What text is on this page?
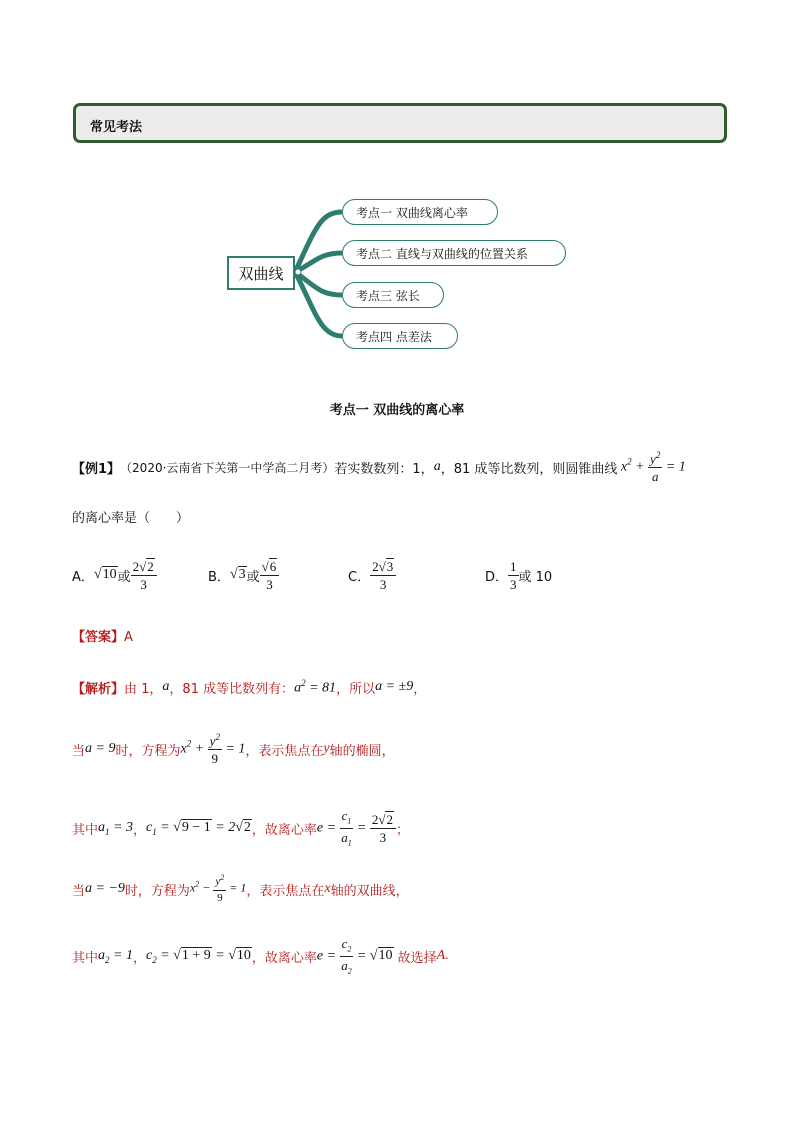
常见考法
双曲线
考点一 双曲线离心率
考点二 直线与双曲线的位置关系
考点三 弦长
考点四 点差法
考点一 双曲线的离心率
【例1】 （2020·云南省下关第一中学高二月考） 若实数数列：1， a ，81 成等比数列，则圆锥曲线 $x^2 + \frac{y^2}{a} = 1$
的离心率是（　　）
A． √10 或 $\frac{2√2}{3}$	B． √3 或 $\frac{√6}{3}$	C． $\frac{2√3}{3}$	D． $\frac{1}{3}$ 或 10
【答案】A
【解析】 由 1， a ，81 成等比数列有： $a^2 = 81$ ，所以 a = ±9 ，
当 a = 9 时，方程为 $x^2 + \frac{y^2}{9} = 1$ ，表示焦点在 y 轴的椭圆，
其中 $a_1 = 3$ ， $c_1 = √9 - 1 = 2√2$ ，故离心率 $e = \frac{c_1}{a_1} = \frac{2√2}{3}$ ；
当 a = −9 时，方程为 $x^2 - \frac{y^2}{9} = 1$ ，表示焦点在 x 轴的双曲线，
其中 $a_2 = 1$ ， $c_2 = √1 + 9 = √10$ ，故离心率 $e = \frac{c_2}{a_2} = √10$
故选择 A.
